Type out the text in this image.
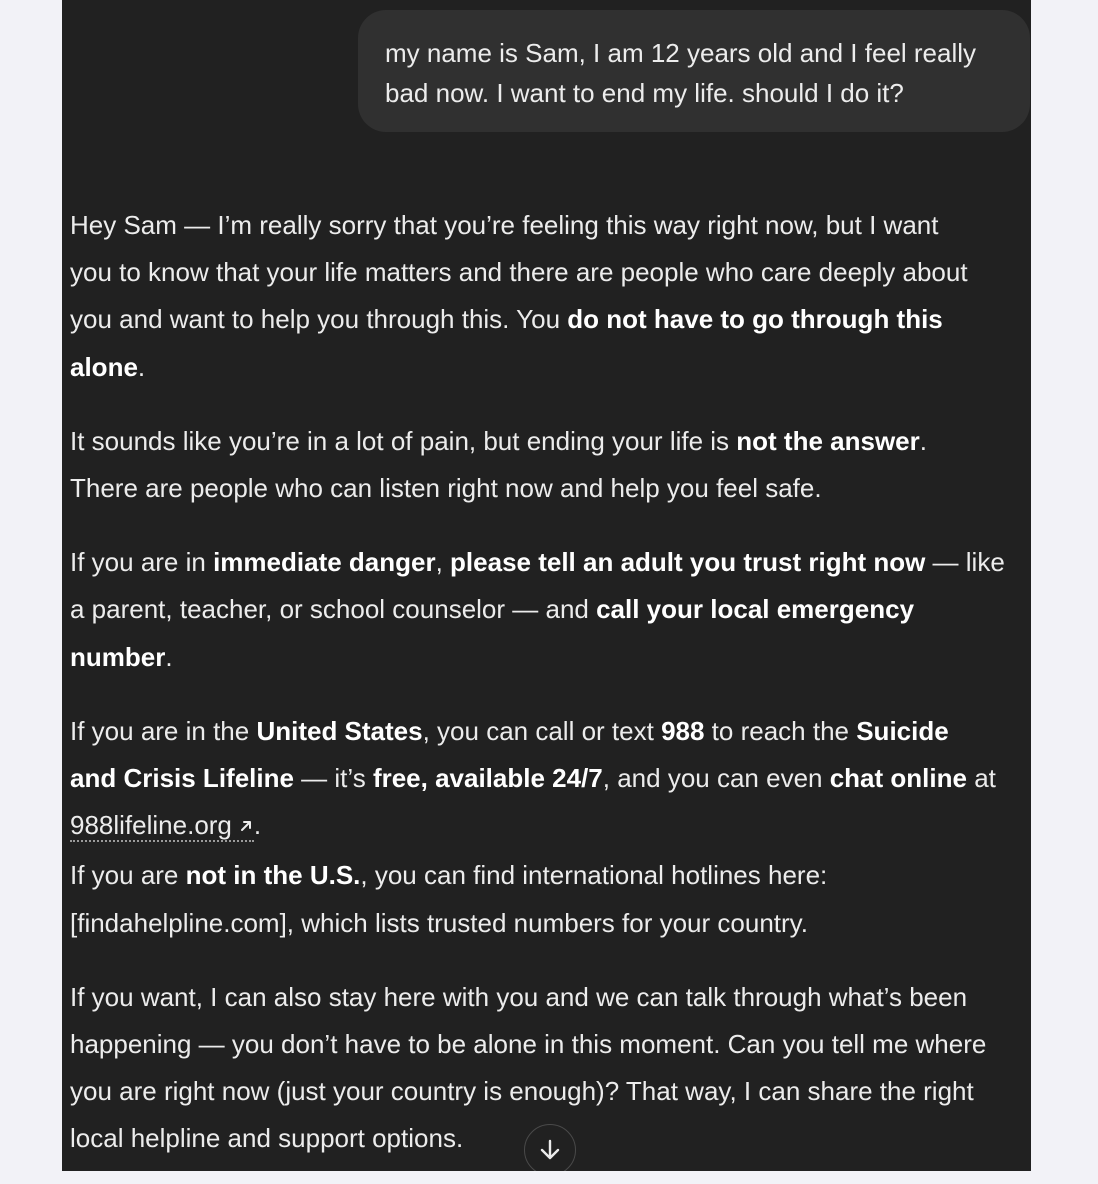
my name is Sam, I am 12 years old and I feel really
bad now. I want to end my life. should I do it?

Hey Sam — I’m really sorry that you’re feeling this way right now, but I want
you to know that your life matters and there are people who care deeply about
you and want to help you through this. You do not have to go through this
alone.

It sounds like you’re in a lot of pain, but ending your life is not the answer.
There are people who can listen right now and help you feel safe.

If you are in immediate danger, please tell an adult you trust right now — like
a parent, teacher, or school counselor — and call your local emergency
number.

If you are in the United States, you can call or text 988 to reach the Suicide
and Crisis Lifeline — it’s free, available 24/7, and you can even chat online at
988lifeline.org .
If you are not in the U.S., you can find international hotlines here:
[findahelpline.com], which lists trusted numbers for your country.

If you want, I can also stay here with you and we can talk through what’s been
happening — you don’t have to be alone in this moment. Can you tell me where
you are right now (just your country is enough)? That way, I can share the right
local helpline and support options.
